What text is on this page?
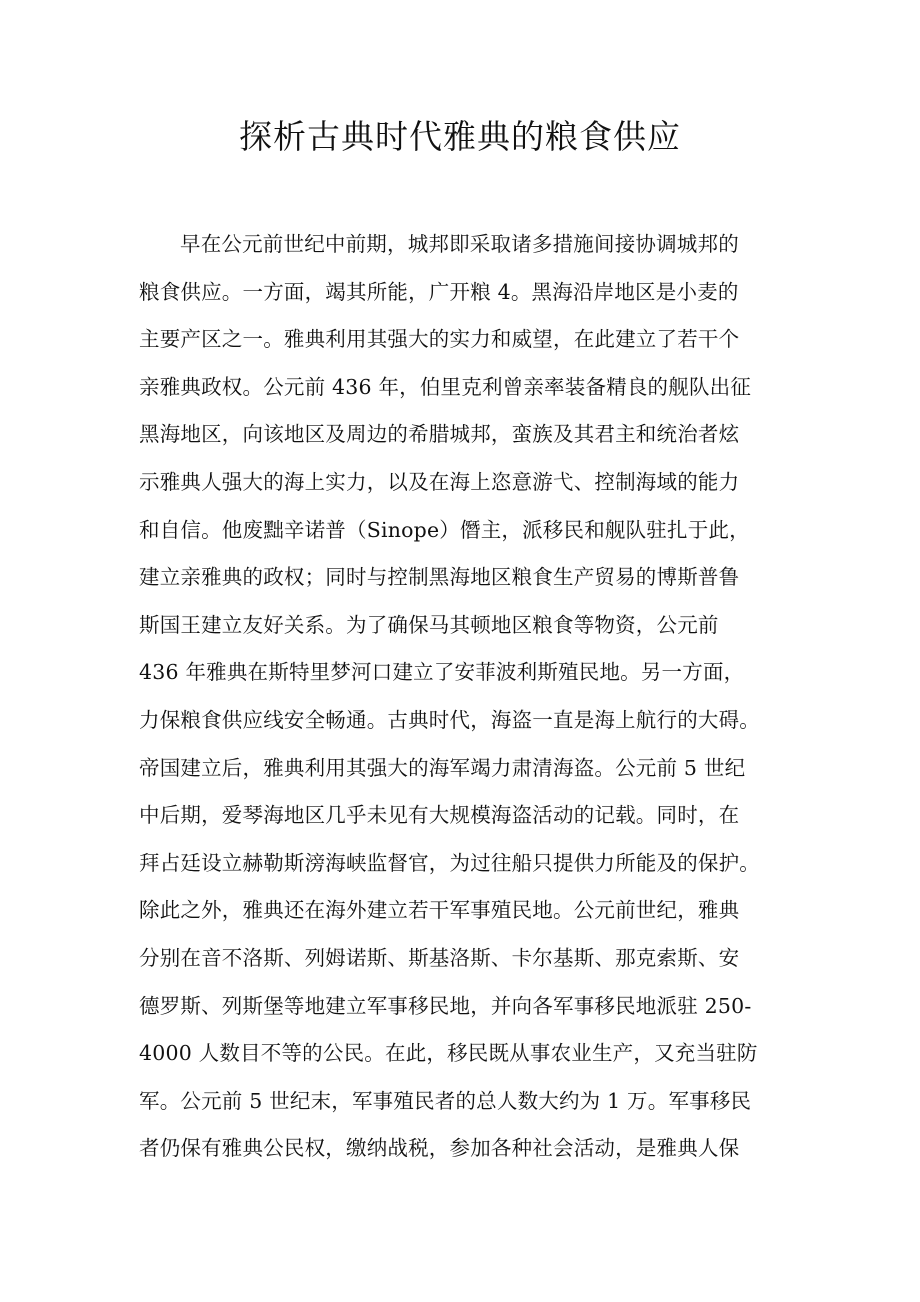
探析古典时代雅典的粮食供应
早在公元前世纪中前期，城邦即采取诸多措施间接协调城邦的
粮食供应。一方面，竭其所能，广开粮 4。黑海沿岸地区是小麦的
主要产区之一。雅典利用其强大的实力和威望，在此建立了若干个
亲雅典政权。公元前 436 年，伯里克利曾亲率装备精良的舰队出征
黑海地区，向该地区及周边的希腊城邦，蛮族及其君主和统治者炫
示雅典人强大的海上实力，以及在海上恣意游弋、控制海域的能力
和自信。他废黜辛诺普（Sinope）僭主，派移民和舰队驻扎于此，
建立亲雅典的政权；同时与控制黑海地区粮食生产贸易的博斯普鲁
斯国王建立友好关系。为了确保马其顿地区粮食等物资，公元前
436 年雅典在斯特里梦河口建立了安菲波利斯殖民地。另一方面，
力保粮食供应线安全畅通。古典时代，海盗一直是海上航行的大碍。
帝国建立后，雅典利用其强大的海军竭力肃清海盗。公元前 5 世纪
中后期，爱琴海地区几乎未见有大规模海盗活动的记载。同时，在
拜占廷设立赫勒斯滂海峡监督官，为过往船只提供力所能及的保护。
除此之外，雅典还在海外建立若干军事殖民地。公元前世纪，雅典
分别在音不洛斯、列姆诺斯、斯基洛斯、卡尔基斯、那克索斯、安
德罗斯、列斯堡等地建立军事移民地，并向各军事移民地派驻 250-
4000 人数目不等的公民。在此，移民既从事农业生产，又充当驻防
军。公元前 5 世纪末，军事殖民者的总人数大约为 1 万。军事移民
者仍保有雅典公民权，缴纳战税，参加各种社会活动，是雅典人保
